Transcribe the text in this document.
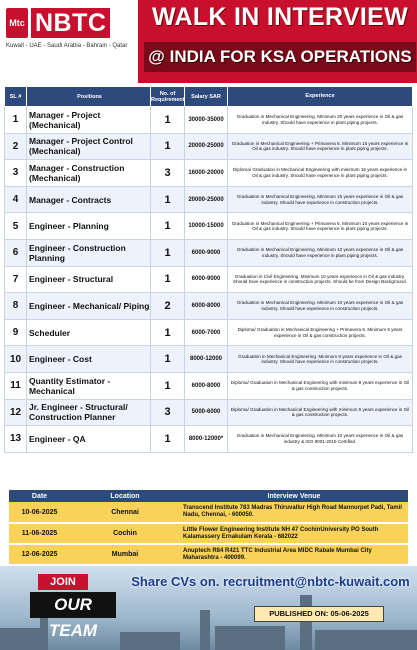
Mtc NBTC
Kuwait - UAE - Saudi Arabia - Bahrain - Qatar
WALK IN INTERVIEW
@ INDIA FOR KSA OPERATIONS
SL #	Positions	No. of Requirement	Salary SAR	Experience
1	Manager - Project (Mechanical)	1	30000-35000	Graduation in Mechanical Engineering. Minimum 20 years experience in Oil & gas industry. Should have experience in plant piping projects.
2	Manager - Project Control (Mechanical)	1	20000-25000	Graduation in Mechanical Engineering + Primavera 6. Minimum 15 years experience in Oil & gas industry. Should have experience in plant piping projects.
3	Manager - Construction (Mechanical)	3	16000-20000	Diploma/ Graduation in Mechanical Engineering with minimum 15 years experience in Oil & gas industry. Should have experience in plant piping projects.
4	Manager - Contracts	1	20000-25000	Graduation in Mechanical Engineering. Minimum 15 years experience in Oil & gas industry. Should have experience in construction projects.
5	Engineer - Planning	1	10000-15000	Graduation in Mechanical Engineering + Primavera 6. Minimum 10 years experience in Oil & gas industry. Should have experience in plant piping projects.
6	Engineer - Construction Planning	1	6000-9000	Graduation in Mechanical Engineering. Minimum 10 years experience in Oil & gas industry. Should have experience in plant piping projects.
7	Engineer - Structural	1	6000-9000	Graduation in Civil Engineering. Minimum 10 years experience in Oil & gas industry. Should have experience in construction projects. Should be from Design Background.
8	Engineer - Mechanical/ Piping	2	6000-8000	Graduation in Mechanical Engineering. Minimum 10 years experience in Oil & gas industry. Should have experience in construction projects.
9	Scheduler	1	6000-7000	Diploma/ Graduation in Mechanical Engineering + Primavera 6. Minimum 5 years experience in Oil & gas construction projects.
10	Engineer - Cost	1	8000-12000	Graduation in Mechanical Engineering. Minimum 8 years experience in Oil & gas industry. Should have experience in construction projects.
11	Quantity Estimator - Mechanical	1	6000-8000	Diploma/ Graduation in Mechanical Engineering with minimum 8 years experience in Oil & gas construction projects.
12	Jr. Engineer - Structural/ Construction Planner	3	5000-6000	Diploma/ Graduation in Mechanical Engineering with minimum 5 years experience in Oil & gas construction projects.
13	Engineer - QA	1	8000-12000*	Graduation in Mechanical Engineering. Minimum 10 years experience in Oil & gas industry & ISO 9001-2015 Certified.
Date	Location	Interview Venue
10-06-2025	Chennai	Transcend Institute 783 Madras Thiruvallur High Road Mannurpet Padi, Tamil Nadu, Chennai, - 600050.
11-06-2025	Cochin	Little Flower Engineering Institute NH 47 CochinUniversity PO South Kalamassery Ernakulam Kerala - 682022
12-06-2025	Mumbai	Anuptech R84 R421 TTC Industrial Area MIDC Rabale Mumbai City Maharashtra - 400099.
JOIN
OUR TEAM
Share CVs on. recruitment@nbtc-kuwait.com
PUBLISHED ON: 05-06-2025
